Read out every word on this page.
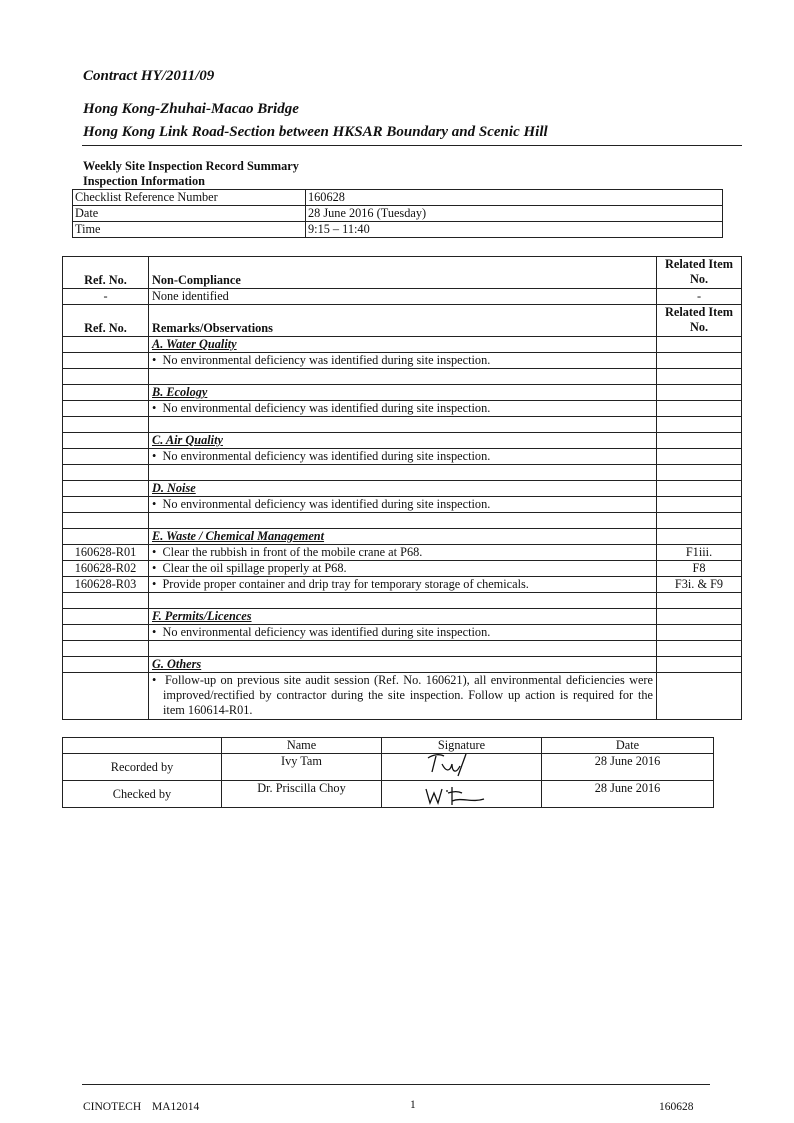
Contract HY/2011/09
Hong Kong-Zhuhai-Macao Bridge
Hong Kong Link Road-Section between HKSAR Boundary and Scenic Hill
Weekly Site Inspection Record Summary
Inspection Information
Checklist Reference Number	160628
Date	28 June 2016 (Tuesday)
Time	9:15 – 11:40
Ref. No.	Non-Compliance	Related Item No.
-	None identified	-
Ref. No.	Remarks/Observations	Related Item No.
	A. Water Quality	

	•  No environmental deficiency was identified during site inspection.

	B. Ecology	

	•  No environmental deficiency was identified during site inspection.

	C. Air Quality	

	•  No environmental deficiency was identified during site inspection.

	D. Noise	

	•  No environmental deficiency was identified during site inspection.

	E. Waste / Chemical Management	
160628-R01	•  Clear the rubbish in front of the mobile crane at P68.	F1iii.
160628-R02	•  Clear the oil spillage properly at P68.	F8
160628-R03	•  Provide proper container and drip tray for temporary storage of chemicals.	F3i. & F9

	F. Permits/Licences	

	•  No environmental deficiency was identified during site inspection.

	G. Others	

	•  Follow-up on previous site audit session (Ref. No. 160621), all environmental deficiencies were improved/rectified by contractor during the site inspection. Follow up action is required for the item 160614-R01.	

	Name	Signature	Date
Recorded by	Ivy Tam		28 June 2016
Checked by	Dr. Priscilla Choy		28 June 2016
CINOTECH MA12014	1	160628
